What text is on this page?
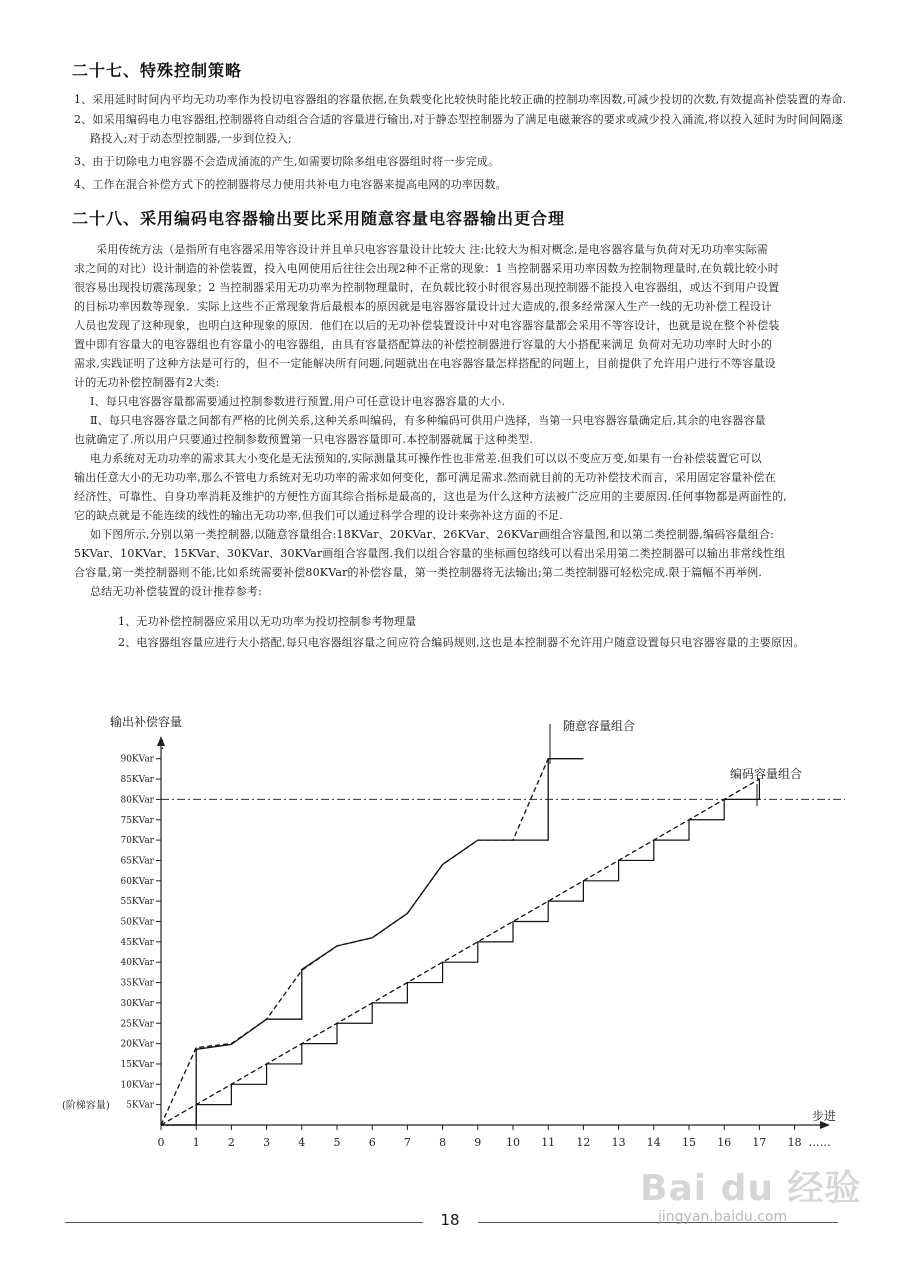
二十七、特殊控制策略
1、采用延时时间内平均无功功率作为投切电容器组的容量依据,在负载变化比较快时能比较正确的控制功率因数,可减少投切的次数,有效提高补偿装置的寿命.
2、如采用编码电力电容器组,控制器将自动组合合适的容量进行输出,对于静态型控制器为了满足电磁兼容的要求或减少投入涌流,将以投入延时为时间间隔逐
路投入;对于动态型控制器,一步到位投入;
3、由于切除电力电容器不会造成涌流的产生,如需要切除多组电容器组时将一步完成。
4、工作在混合补偿方式下的控制器将尽力使用共补电力电容器来提高电网的功率因数。
二十八、采用编码电容器输出要比采用随意容量电容器输出更合理
采用传统方法（是指所有电容器采用等容设计并且单只电容容量设计比较大 注:比较大为相对概念,是电容器容量与负荷对无功功率实际需
求之间的对比）设计制造的补偿装置，投入电网使用后往往会出现2种不正常的现象：1 当控制器采用功率因数为控制物理量时,在负载比较小时
很容易出现投切震荡现象；2 当控制器采用无功功率为控制物理量时，在负载比较小时很容易出现控制器不能投入电容器组，或达不到用户设置
的目标功率因数等现象．实际上这些不正常现象背后最根本的原因就是电容器容量设计过大造成的,很多经常深入生产一线的无功补偿工程设计
人员也发现了这种现象，也明白这种现象的原因．他们在以后的无功补偿装置设计中对电容器容量都会采用不等容设计，也就是说在整个补偿装
置中即有容量大的电容器组也有容量小的电容器组，由具有容量搭配算法的补偿控制器进行容量的大小搭配来满足 负荷对无功功率时大时小的
需求,实践证明了这种方法是可行的，但不一定能解决所有问题,问题就出在电容器容量怎样搭配的问题上，目前提供了允许用户进行不等容量设
计的无功补偿控制器有2大类:
Ⅰ、每只电容器容量都需要通过控制参数进行预置,用户可任意设计电容器容量的大小.
Ⅱ、每只电容器容量之间都有严格的比例关系,这种关系叫编码，有多种编码可供用户选择，当第一只电容器容量确定后,其余的电容器容量
也就确定了.所以用户只要通过控制参数预置第一只电容器容量即可.本控制器就属于这种类型.
电力系统对无功功率的需求其大小变化是无法预知的,实际测量其可操作性也非常差.但我们可以以不变应万变,如果有一台补偿装置它可以
输出任意大小的无功功率,那么不管电力系统对无功功率的需求如何变化，都可满足需求.然而就目前的无功补偿技术而言，采用固定容量补偿在
经济性、可靠性、自身功率消耗及维护的方便性方面其综合指标是最高的，这也是为什么这种方法被广泛应用的主要原因.任何事物都是两面性的,
它的缺点就是不能连续的线性的输出无功功率,但我们可以通过科学合理的设计来弥补这方面的不足.
如下图所示,分别以第一类控制器,以随意容量组合:18KVar、20KVar、26KVar、26KVar画组合容量图,和以第二类控制器,编码容量组合:
5KVar、10KVar、15KVar、30KVar、30KVar画组合容量图.我们以组合容量的坐标画包络线可以看出采用第二类控制器可以输出非常线性组
合容量,第一类控制器则不能,比如系统需要补偿80KVar的补偿容量，第一类控制器将无法输出;第二类控制器可轻松完成.限于篇幅不再举例.
总结无功补偿装置的设计推荐参考:
1、无功补偿控制器应采用以无功功率为投切控制参考物理量
2、电容器组容量应进行大小搭配,每只电容器组容量之间应符合编码规则,这也是本控制器不允许用户随意设置每只电容器容量的主要原因。
5KVar
10KVar
15KVar
20KVar
25KVar
30KVar
35KVar
40KVar
45KVar
50KVar
55KVar
60KVar
65KVar
70KVar
75KVar
80KVar
85KVar
90KVar
(阶梯容量)
0	1	2	3	4	5	6	7	8	9 10 11 12 13 14 15 16 17 18 ……
输出补偿容量
⋮
步进
随意容量组合
编码容量组合
18
Bai du 经验
jingyan.baidu.com
